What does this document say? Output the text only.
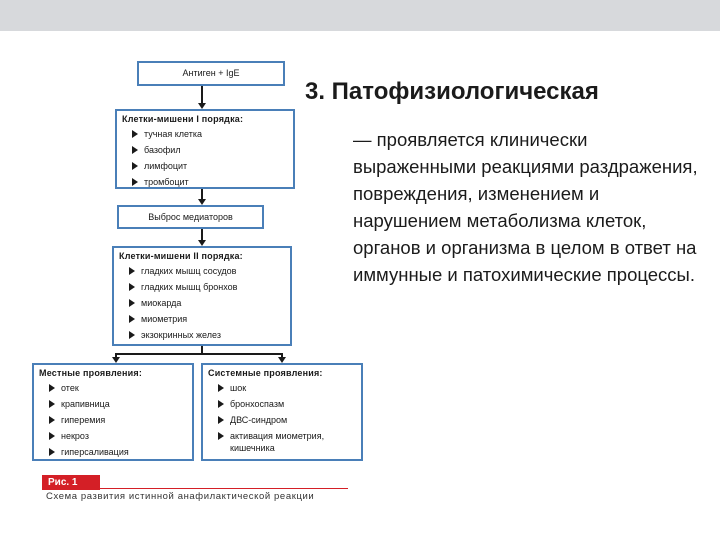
Антиген + IgE
Клетки-мишени I порядка:
тучная клетка
базофил
лимфоцит
тромбоцит
Выброс медиаторов
Клетки-мишени II порядка:
гладких мышц сосудов
гладких мышц бронхов
миокарда
миометрия
экзокринных желез
Местные проявления:
отек
крапивница
гиперемия
некроз
гиперсаливация
Системные проявления:
шок
бронхоспазм
ДВС-синдром
активация миометрия, кишечника
Рис. 1
Схема развития истинной анафилактической реакции
3. Патофизиологическая
— проявляется клинически выраженными реакциями раздражения, повреждения, изменением и нарушением метаболизма клеток, органов и организма в целом в ответ на иммунные и патохимические процессы.
